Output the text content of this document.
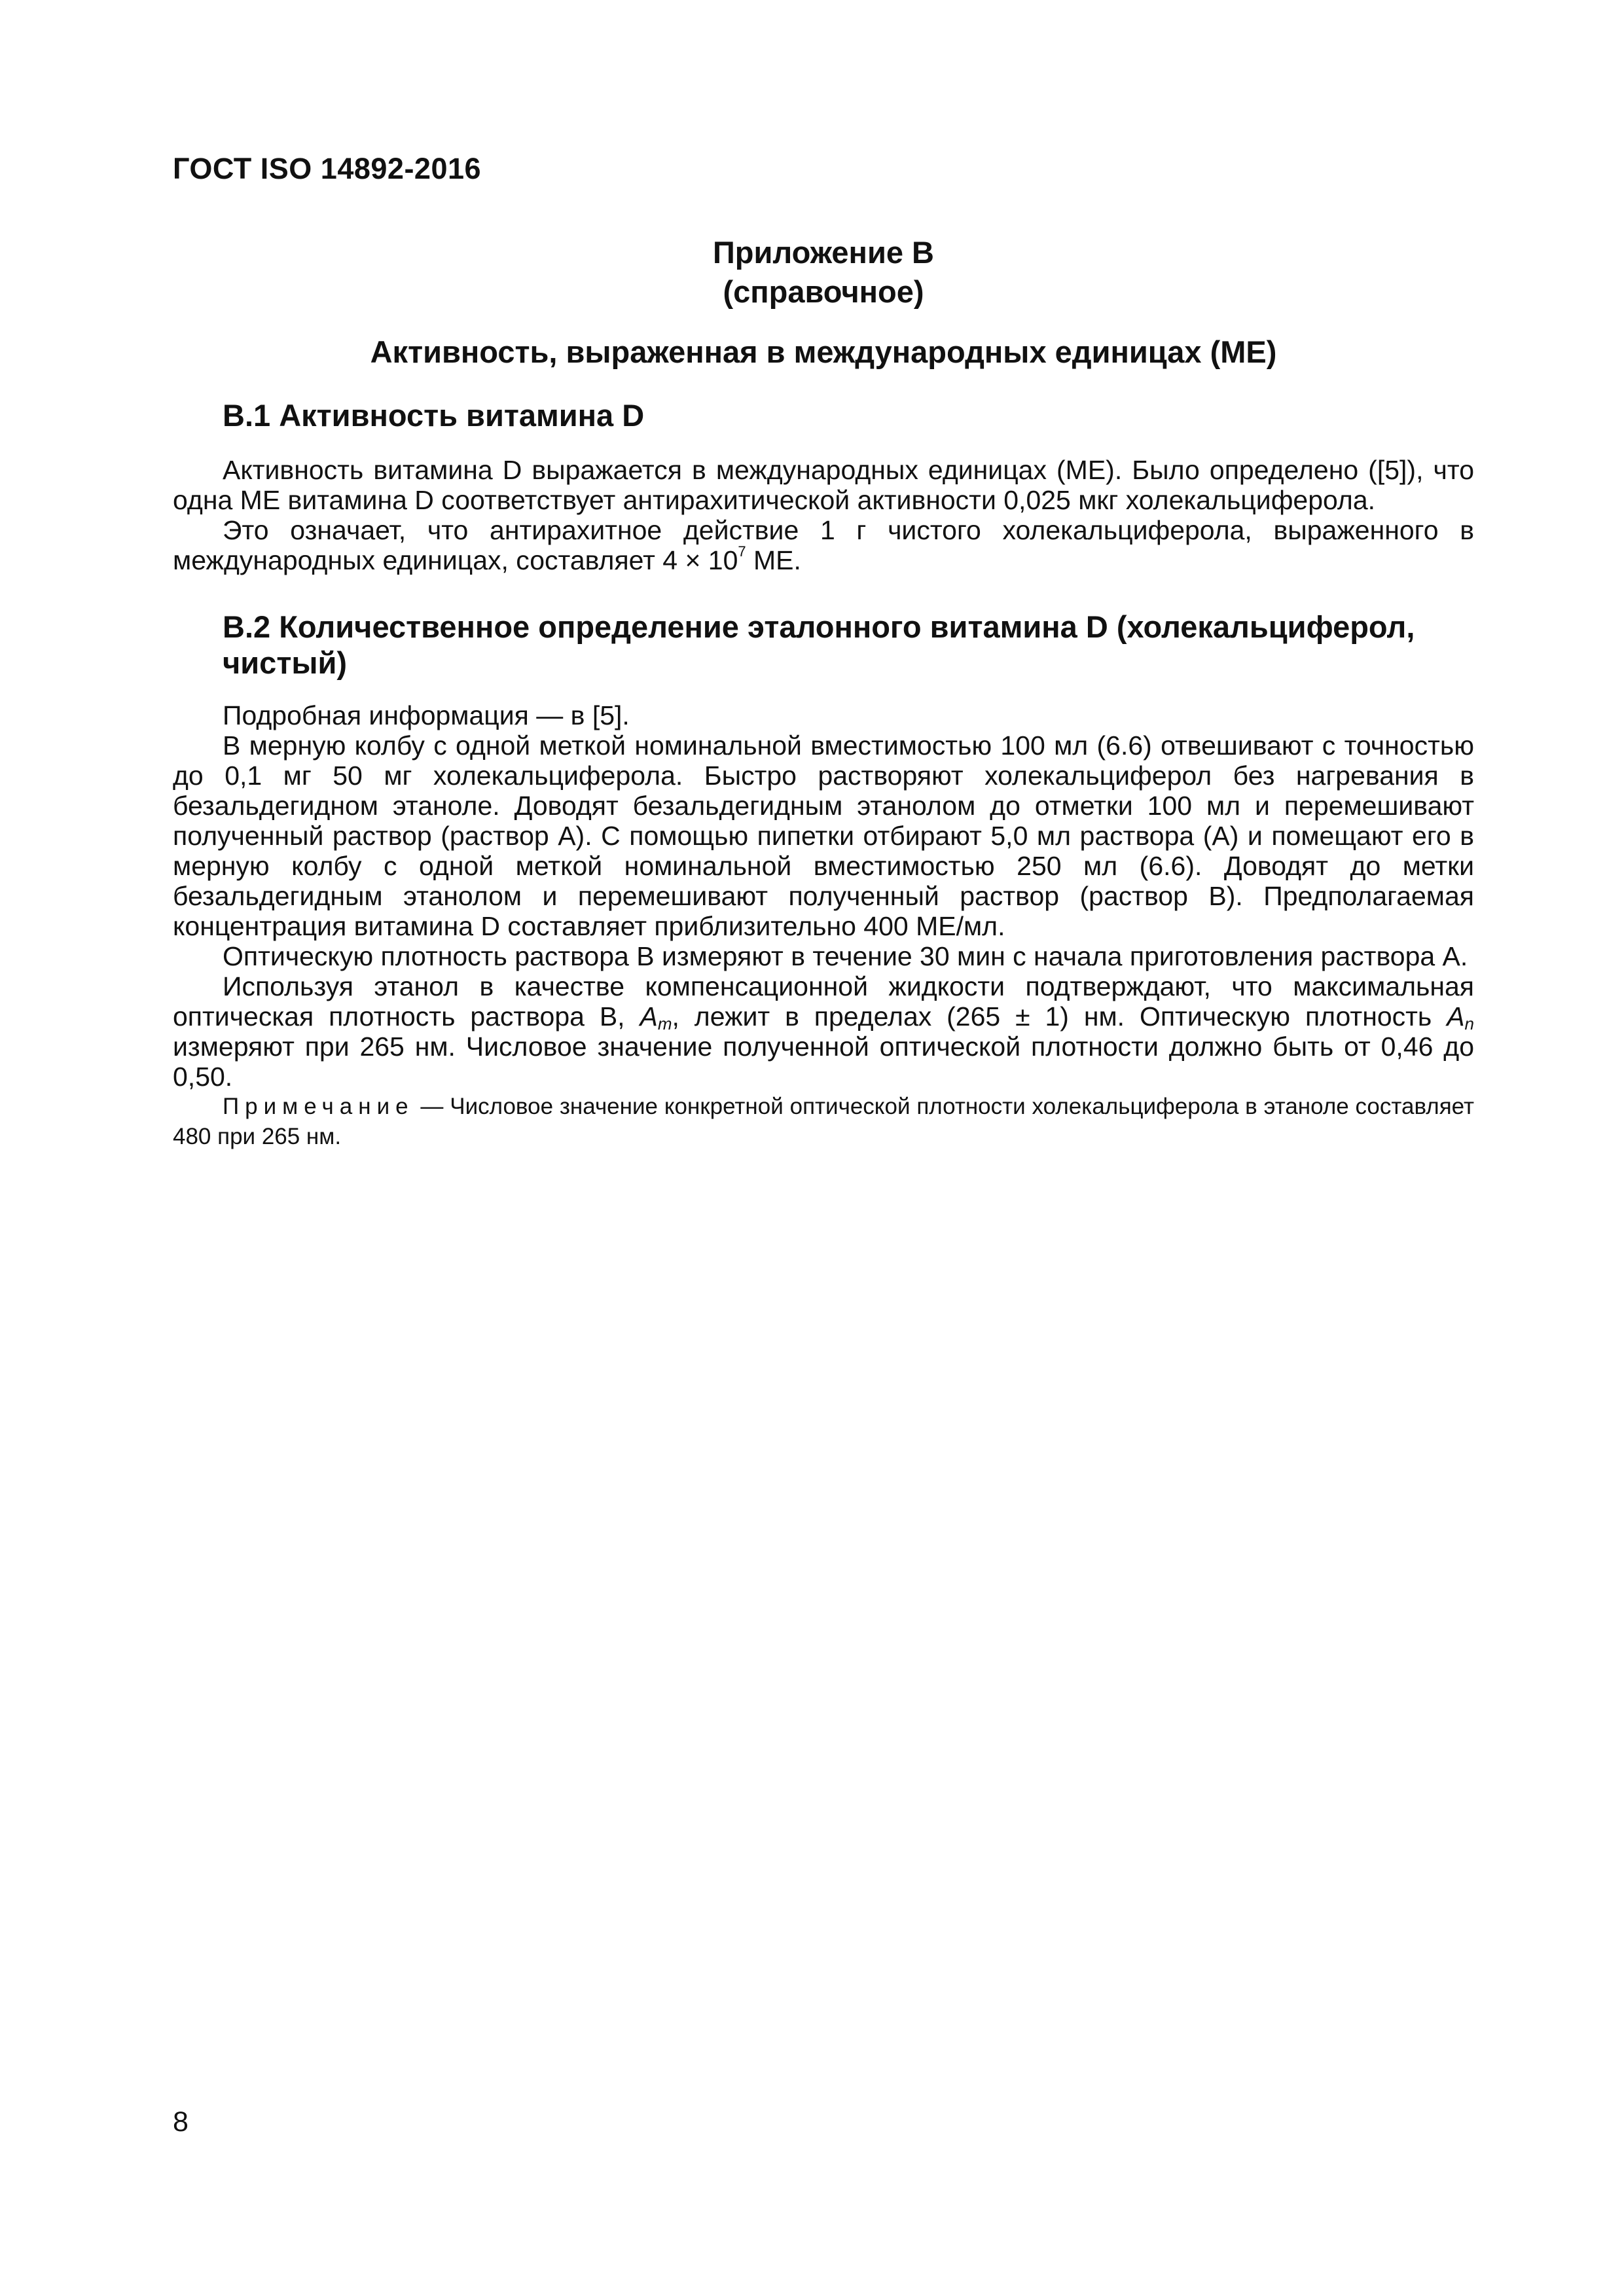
ГОСТ ISO 14892-2016
Приложение В
(справочное)
Активность, выраженная в международных единицах (МЕ)
В.1 Активность витамина D

Активность витамина D выражается в международных единицах (МЕ). Было определено ([5]), что одна МЕ витамина D соответствует антирахитической активности 0,025 мкг холекальциферола.

Это означает, что антирахитное действие 1 г чистого холекальциферола, выраженного в международных единицах, составляет $4 \times 10^7$ МЕ.

В.2 Количественное определение эталонного витамина D (холекальциферол, чистый)

Подробная информация — в [5].

В мерную колбу с одной меткой номинальной вместимостью 100 мл (6.6) отвешивают с точностью до 0,1 мг 50 мг холекальциферола. Быстро растворяют холекальциферол без нагревания в безальдегидном этаноле. Доводят безальдегидным этанолом до отметки 100 мл и перемешивают полученный раствор (раствор А). С помощью пипетки отбирают 5,0 мл раствора (А) и помещают его в мерную колбу с одной меткой номинальной вместимостью 250 мл (6.6). Доводят до метки безальдегидным этанолом и перемешивают полученный раствор (раствор В). Предполагаемая концентрация витамина D составляет приблизительно 400 МЕ/мл.

Оптическую плотность раствора В измеряют в течение 30 мин с начала приготовления раствора А.

Используя этанол в качестве компенсационной жидкости подтверждают, что максимальная оптическая плотность раствора В, $A_m$, лежит в пределах (265 ± 1) нм. Оптическую плотность $A_n$ измеряют при 265 нм. Числовое значение полученной оптической плотности должно быть от 0,46 до 0,50.

Примечание — Числовое значение конкретной оптической плотности холекальциферола в этаноле составляет 480 при 265 нм.

8
